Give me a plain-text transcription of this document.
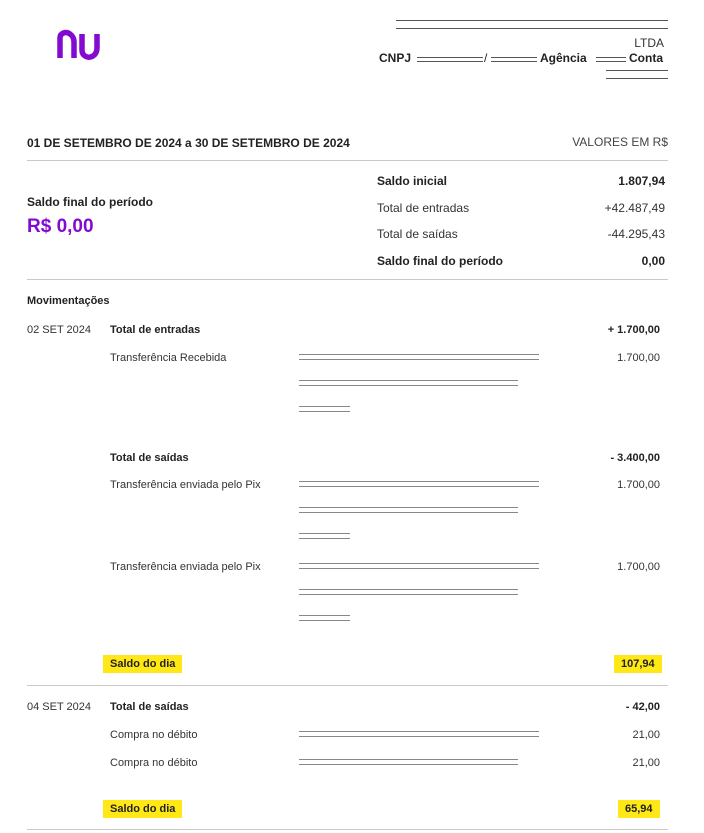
LTDA
CNPJ	/	Agência	Conta
01 DE SETEMBRO DE 2024 a 30 DE SETEMBRO DE 2024	VALORES EM R$
Saldo final do período
R$ 0,00
Saldo inicial	1.807,94
Total de entradas	+42.487,49
Total de saídas	-44.295,43
Saldo final do período	0,00
Movimentações
02 SET 2024 Total de entradas	+ 1.700,00
Transferência Recebida	1.700,00
Total de saídas	- 3.400,00
Transferência enviada pelo Pix	1.700,00
Transferência enviada pelo Pix	1.700,00
Saldo do dia	107,94
04 SET 2024 Total de saídas	- 42,00
Compra no débito	21,00
Compra no débito	21,00
Saldo do dia	65,94
